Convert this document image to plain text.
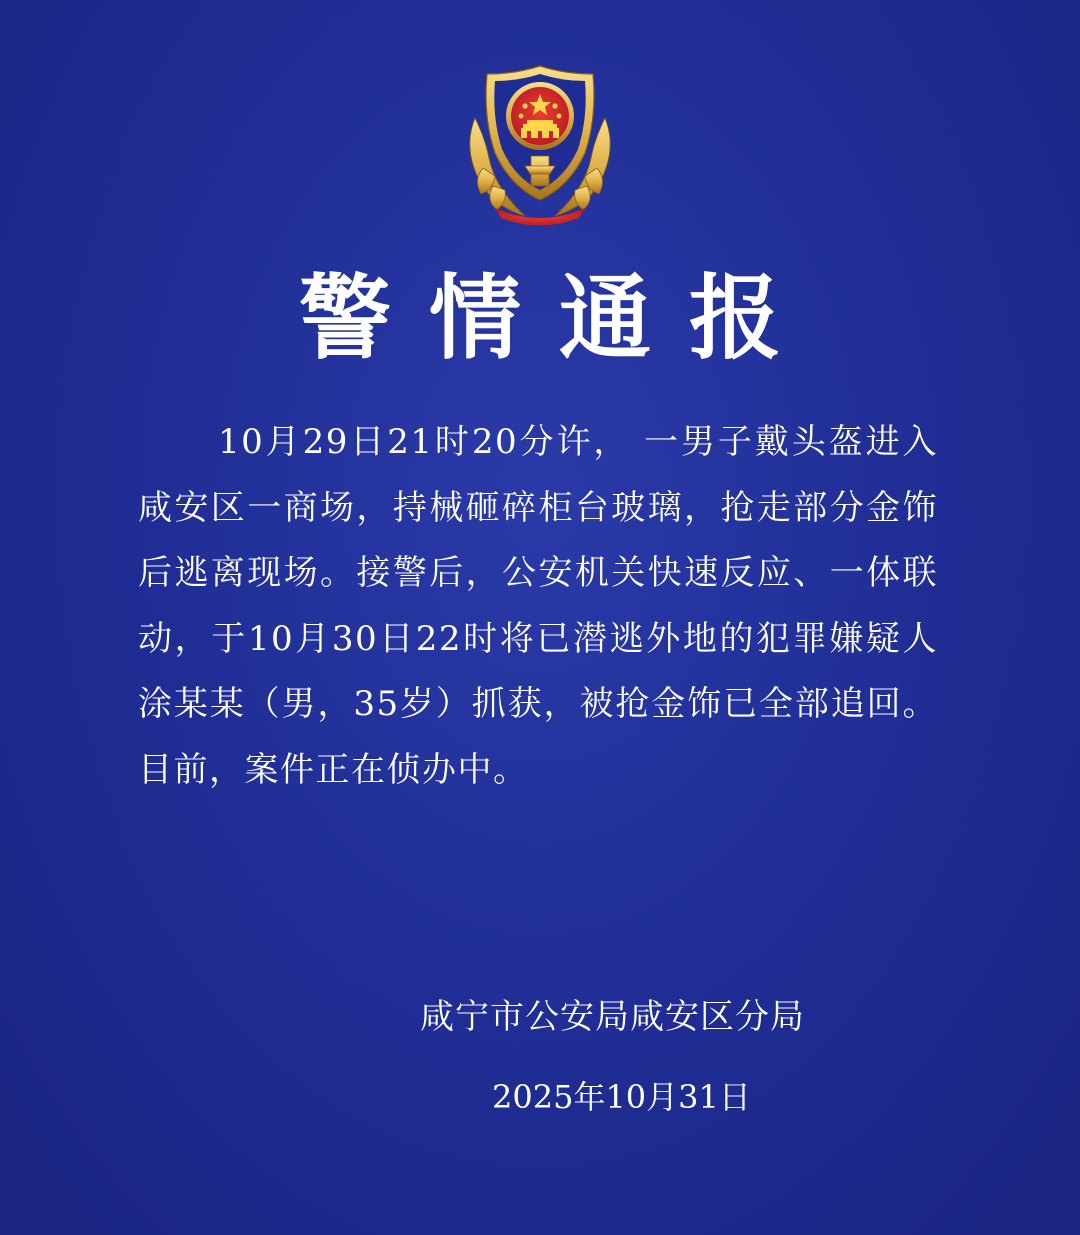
警情通报

10月29日21时20分许， 一男子戴头盔进入咸安区一商场，持械砸碎柜台玻璃，抢走部分金饰后逃离现场。接警后，公安机关快速反应、一体联动，于10月30日22时将已潜逃外地的犯罪嫌疑人涂某某（男，35岁）抓获，被抢金饰已全部追回。目前，案件正在侦办中。

咸宁市公安局咸安区分局
2025年10月31日
